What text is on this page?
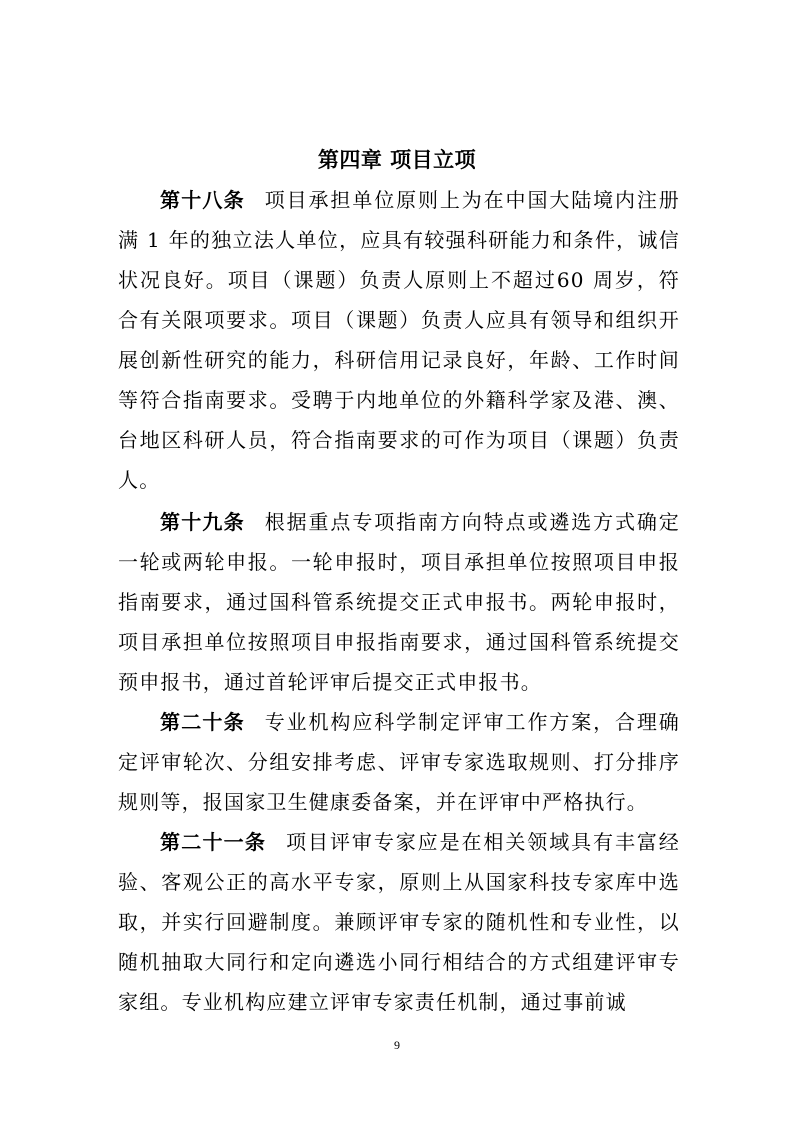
第四章 项目立项
第十八条 项目承担单位原则上为在中国大陆境内注册满 1 年的独立法人单位，应具有较强科研能力和条件，诚信状况良好。项目（课题）负责人原则上不超过60 周岁，符合有关限项要求。项目（课题）负责人应具有领导和组织开展创新性研究的能力，科研信用记录良好，年龄、工作时间等符合指南要求。受聘于内地单位的外籍科学家及港、澳、台地区科研人员，符合指南要求的可作为项目（课题）负责人。
第十九条 根据重点专项指南方向特点或遴选方式确定一轮或两轮申报。一轮申报时，项目承担单位按照项目申报指南要求，通过国科管系统提交正式申报书。两轮申报时，项目承担单位按照项目申报指南要求，通过国科管系统提交预申报书，通过首轮评审后提交正式申报书。
第二十条 专业机构应科学制定评审工作方案，合理确定评审轮次、分组安排考虑、评审专家选取规则、打分排序规则等，报国家卫生健康委备案，并在评审中严格执行。
第二十一条 项目评审专家应是在相关领域具有丰富经验、客观公正的高水平专家，原则上从国家科技专家库中选取，并实行回避制度。兼顾评审专家的随机性和专业性，以随机抽取大同行和定向遴选小同行相结合的方式组建评审专家组。专业机构应建立评审专家责任机制，通过事前诚
9
